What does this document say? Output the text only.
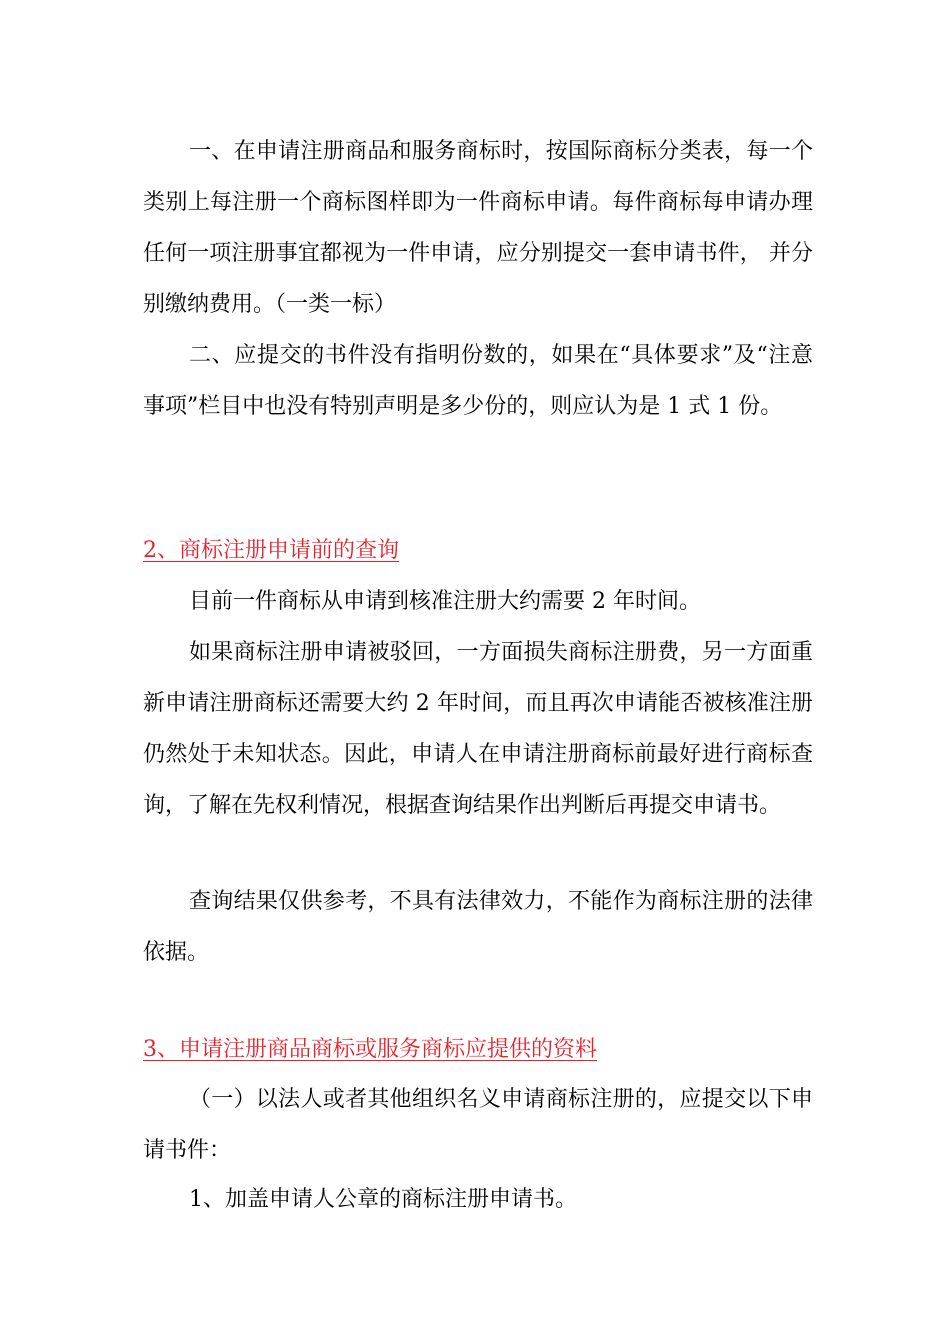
一、在申请注册商品和服务商标时，按国际商标分类表，每一个类别上每注册一个商标图样即为一件商标申请。每件商标每申请办理任何一项注册事宜都视为一件申请，应分别提交一套申请书件， 并分别缴纳费用。（一类一标）

二、应提交的书件没有指明份数的，如果在“具体要求”及“注意事项”栏目中也没有特别声明是多少份的，则应认为是 1 式 1 份。

2、商标注册申请前的查询

目前一件商标从申请到核准注册大约需要 2 年时间。

如果商标注册申请被驳回，一方面损失商标注册费，另一方面重新申请注册商标还需要大约 2 年时间，而且再次申请能否被核准注册仍然处于未知状态。因此，申请人在申请注册商标前最好进行商标查询，了解在先权利情况，根据查询结果作出判断后再提交申请书。

查询结果仅供参考，不具有法律效力，不能作为商标注册的法律依据。

3、申请注册商品商标或服务商标应提供的资料

（一）以法人或者其他组织名义申请商标注册的，应提交以下申请书件：

1、加盖申请人公章的商标注册申请书。
